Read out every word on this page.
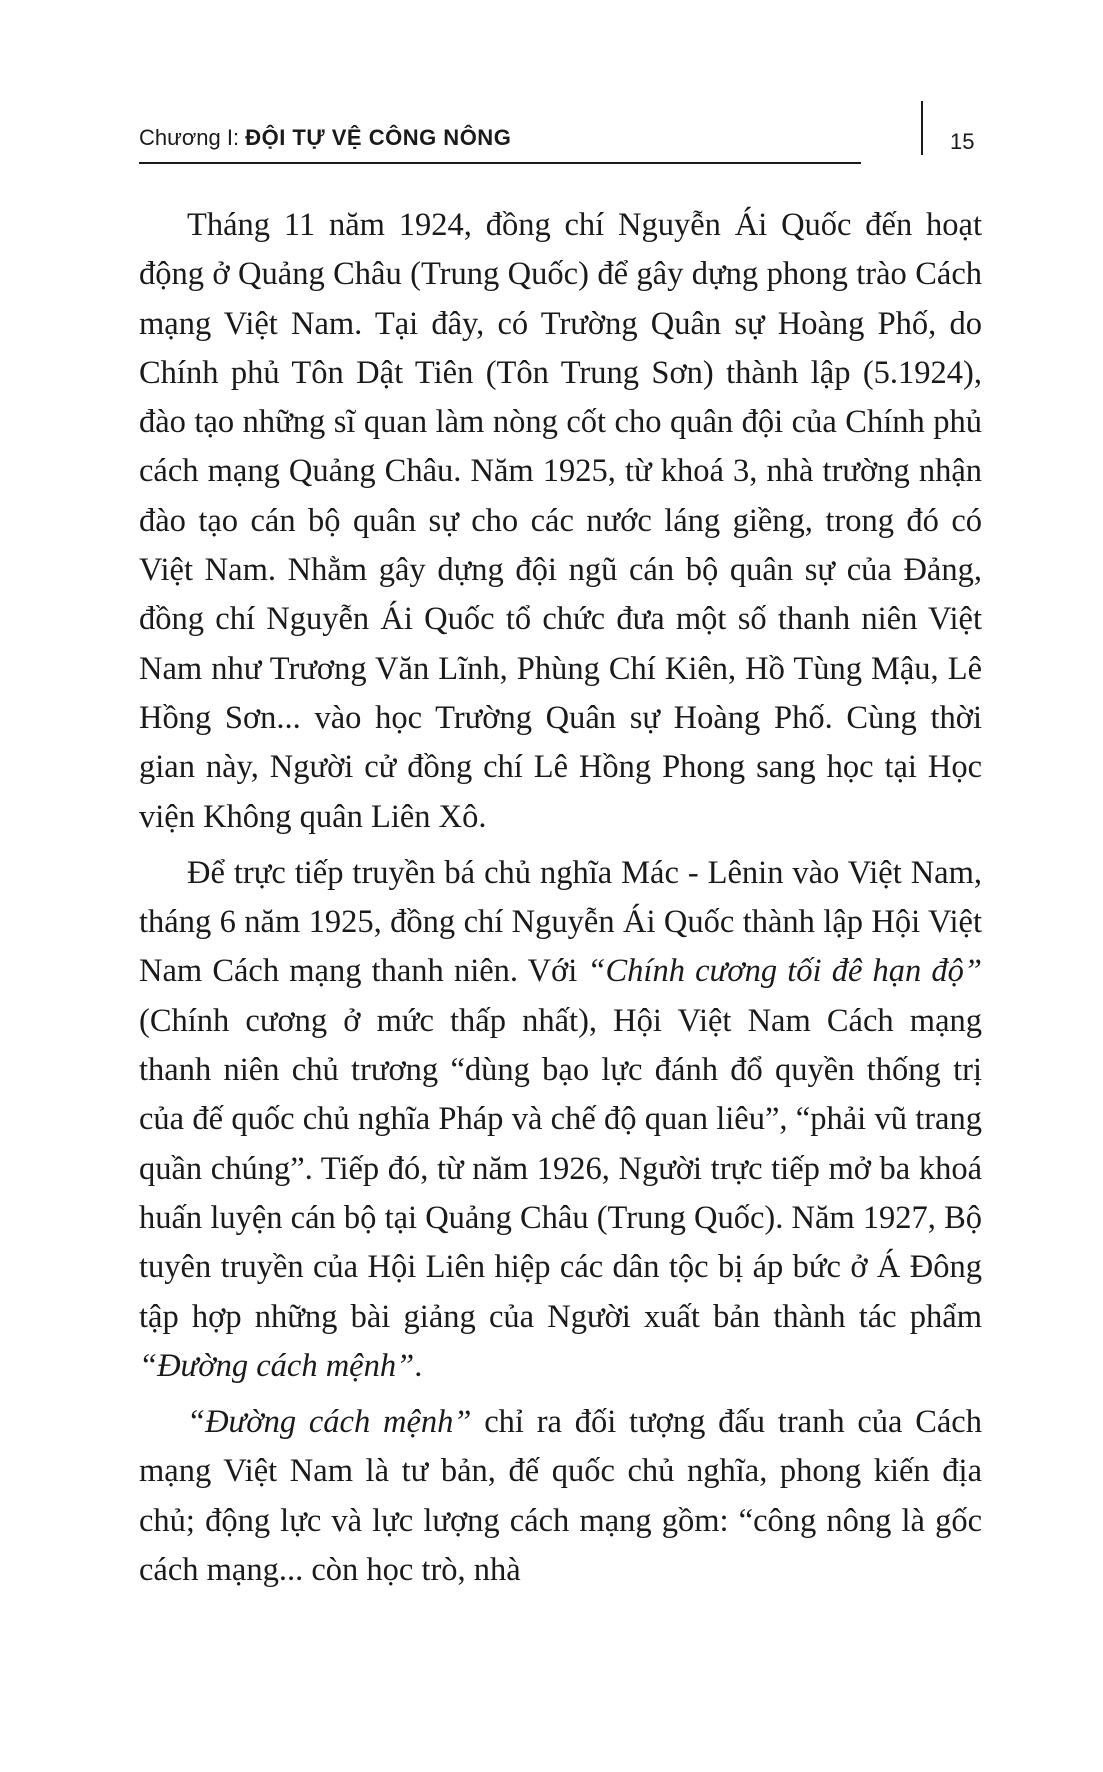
Chương I: ĐỘI TỰ VỆ CÔNG NÔNG	15

Tháng 11 năm 1924, đồng chí Nguyễn Ái Quốc đến hoạt động ở Quảng Châu (Trung Quốc) để gây dựng phong trào Cách mạng Việt Nam. Tại đây, có Trường Quân sự Hoàng Phố, do Chính phủ Tôn Dật Tiên (Tôn Trung Sơn) thành lập (5.1924), đào tạo những sĩ quan làm nòng cốt cho quân đội của Chính phủ cách mạng Quảng Châu. Năm 1925, từ khoá 3, nhà trường nhận đào tạo cán bộ quân sự cho các nước láng giềng, trong đó có Việt Nam. Nhằm gây dựng đội ngũ cán bộ quân sự của Đảng, đồng chí Nguyễn Ái Quốc tổ chức đưa một số thanh niên Việt Nam như Trương Văn Lĩnh, Phùng Chí Kiên, Hồ Tùng Mậu, Lê Hồng Sơn... vào học Trường Quân sự Hoàng Phố. Cùng thời gian này, Người cử đồng chí Lê Hồng Phong sang học tại Học viện Không quân Liên Xô.

Để trực tiếp truyền bá chủ nghĩa Mác - Lênin vào Việt Nam, tháng 6 năm 1925, đồng chí Nguyễn Ái Quốc thành lập Hội Việt Nam Cách mạng thanh niên. Với “Chính cương tối đê hạn độ” (Chính cương ở mức thấp nhất), Hội Việt Nam Cách mạng thanh niên chủ trương “dùng bạo lực đánh đổ quyền thống trị của đế quốc chủ nghĩa Pháp và chế độ quan liêu”, “phải vũ trang quần chúng”. Tiếp đó, từ năm 1926, Người trực tiếp mở ba khoá huấn luyện cán bộ tại Quảng Châu (Trung Quốc). Năm 1927, Bộ tuyên truyền của Hội Liên hiệp các dân tộc bị áp bức ở Á Đông tập hợp những bài giảng của Người xuất bản thành tác phẩm “Đường cách mệnh”.

“Đường cách mệnh” chỉ ra đối tượng đấu tranh của Cách mạng Việt Nam là tư bản, đế quốc chủ nghĩa, phong kiến địa chủ; động lực và lực lượng cách mạng gồm: “công nông là gốc cách mạng... còn học trò, nhà
